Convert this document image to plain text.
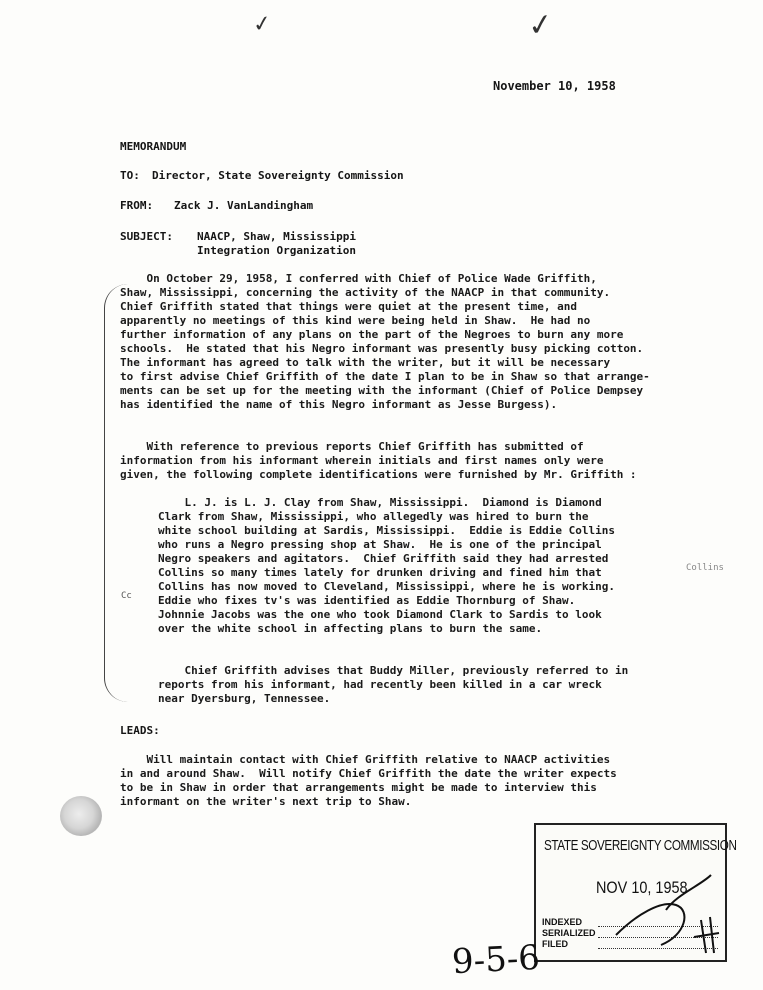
✓	✓
November 10, 1958
MEMORANDUM
TO: Director, State Sovereignty Commission
FROM: Zack J. VanLandingham
SUBJECT: NAACP, Shaw, Mississippi
Integration Organization
On October 29, 1958, I conferred with Chief of Police Wade Griffith,
Shaw, Mississippi, concerning the activity of the NAACP in that community.
Chief Griffith stated that things were quiet at the present time, and
apparently no meetings of this kind were being held in Shaw.  He had no
further information of any plans on the part of the Negroes to burn any more
schools.  He stated that his Negro informant was presently busy picking cotton.
The informant has agreed to talk with the writer, but it will be necessary
to first advise Chief Griffith of the date I plan to be in Shaw so that arrange-
ments can be set up for the meeting with the informant (Chief of Police Dempsey
has identified the name of this Negro informant as Jesse Burgess).
With reference to previous reports Chief Griffith has submitted of
information from his informant wherein initials and first names only were
given, the following complete identifications were furnished by Mr. Griffith :
L. J. is L. J. Clay from Shaw, Mississippi.  Diamond is Diamond
Clark from Shaw, Mississippi, who allegedly was hired to burn the
white school building at Sardis, Mississippi.  Eddie is Eddie Collins
who runs a Negro pressing shop at Shaw.  He is one of the principal
Negro speakers and agitators.  Chief Griffith said they had arrested
Collins so many times lately for drunken driving and fined him that
Collins has now moved to Cleveland, Mississippi, where he is working.
Eddie who fixes tv's was identified as Eddie Thornburg of Shaw.
Johnnie Jacobs was the one who took Diamond Clark to Sardis to look
over the white school in affecting plans to burn the same.
Chief Griffith advises that Buddy Miller, previously referred to in
reports from his informant, had recently been killed in a car wreck
near Dyersburg, Tennessee.
Collins
Cc
LEADS:
Will maintain contact with Chief Griffith relative to NAACP activities
in and around Shaw.  Will notify Chief Griffith the date the writer expects
to be in Shaw in order that arrangements might be made to interview this
informant on the writer's next trip to Shaw.
STATE SOVEREIGNTY COMMISSION
NOV 10, 1958
INDEXED
SERIALIZED
FILED
9-5-6
